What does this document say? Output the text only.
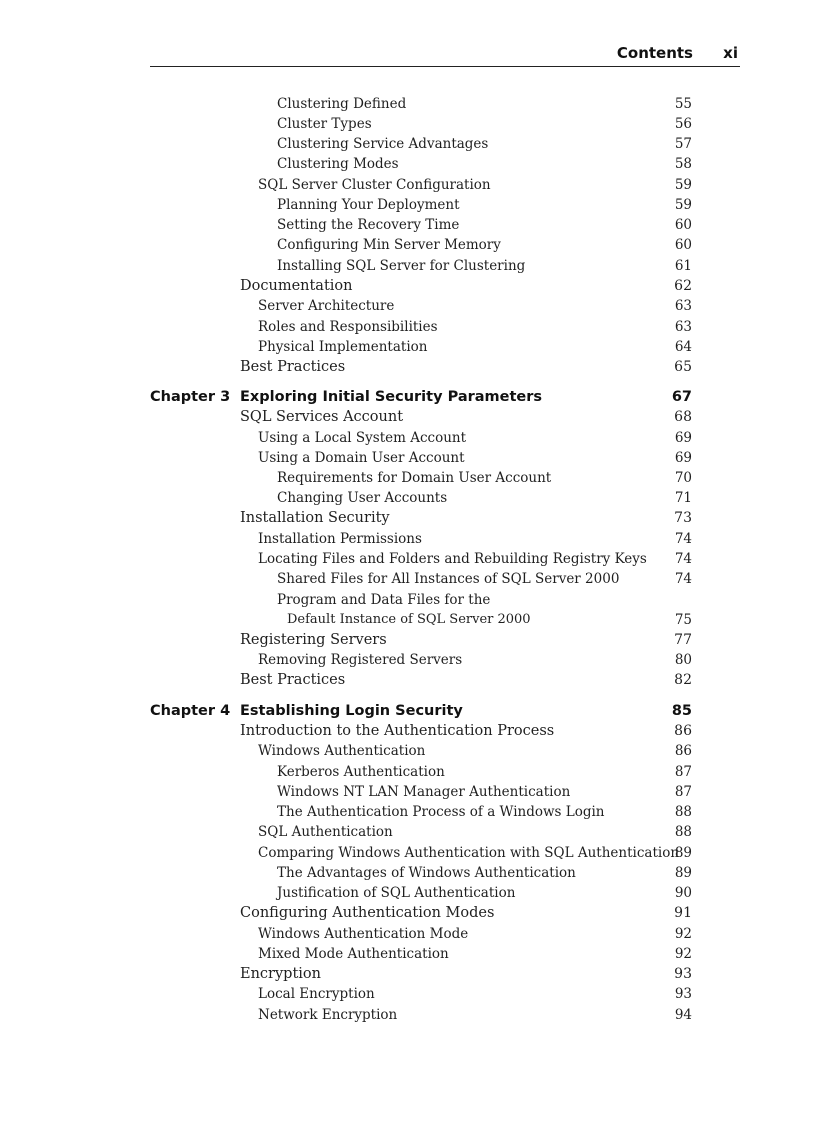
Contents xi
Clustering Defined	55
Cluster Types	56
Clustering Service Advantages	57
Clustering Modes	58
SQL Server Cluster Configuration	59
Planning Your Deployment	59
Setting the Recovery Time	60
Configuring Min Server Memory	60
Installing SQL Server for Clustering	61
Documentation	62
Server Architecture	63
Roles and Responsibilities	63
Physical Implementation	64
Best Practices	65
Chapter 3 Exploring Initial Security Parameters	67
SQL Services Account	68
Using a Local System Account	69
Using a Domain User Account	69
Requirements for Domain User Account	70
Changing User Accounts	71
Installation Security	73
Installation Permissions	74
Locating Files and Folders and Rebuilding Registry Keys 74
Shared Files for All Instances of SQL Server 2000	74
Program and Data Files for the
Default Instance of SQL Server 2000	75
Registering Servers	77
Removing Registered Servers	80
Best Practices	82
Chapter 4 Establishing Login Security	85
Introduction to the Authentication Process	86
Windows Authentication	86
Kerberos Authentication	87
Windows NT LAN Manager Authentication	87
The Authentication Process of a Windows Login	88
SQL Authentication	88
Comparing Windows Authentication with SQL Authentication
89
The Advantages of Windows Authentication	89
Justification of SQL Authentication	90
Configuring Authentication Modes	91
Windows Authentication Mode	92
Mixed Mode Authentication	92
Encryption	93
Local Encryption	93
Network Encryption	94
